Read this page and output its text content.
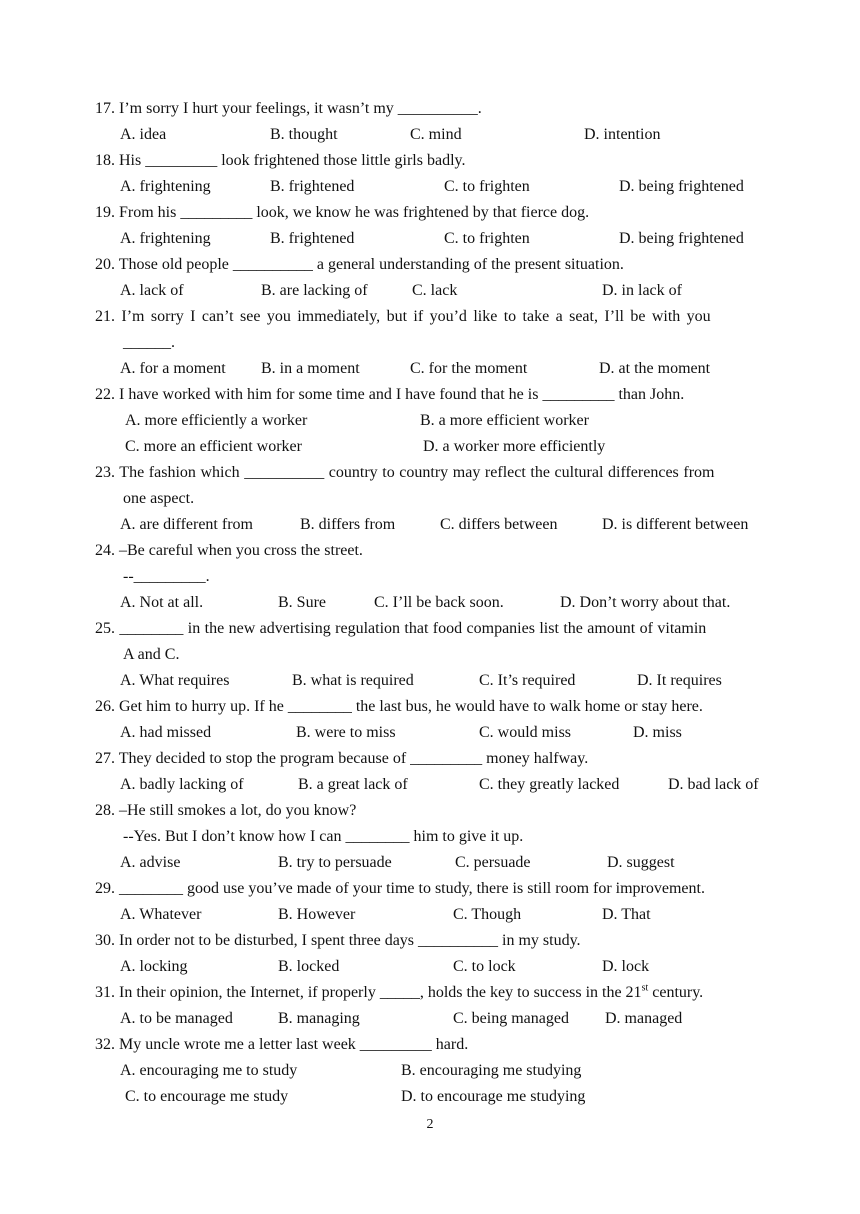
17. I’m sorry I hurt your feelings, it wasn’t my __________.
A. idea	B. thought	C. mind	D. intention
18. His _________ look frightened those little girls badly.
A. frightening	B. frightened	C. to frighten	D. being frightened
19. From his _________ look, we know he was frightened by that fierce dog.
A. frightening	B. frightened	C. to frighten	D. being frightened
20. Those old people __________ a general understanding of the present situation.
A. lack of	B. are lacking of	C. lack	D. in lack of
21. I’m sorry I can’t see you immediately, but if you’d like to take a seat, I’ll be with you
______.
A. for a moment B. in a moment	C. for the moment	D. at the moment
22. I have worked with him for some time and I have found that he is _________ than John.
A. more efficiently a worker	B. a more efficient worker
C. more an efficient worker	D. a worker more efficiently
23. The fashion which __________ country to country may reflect the cultural differences from
one aspect.
A. are different from	B. differs from	C. differs between	D. is different between
24. –Be careful when you cross the street.
--_________.
A. Not at all.	B. Sure	C. I’ll be back soon.	D. Don’t worry about that.
25. ________ in the new advertising regulation that food companies list the amount of vitamin
A and C.
A. What requires	B. what is required	C. It’s required	D. It requires
26. Get him to hurry up. If he ________ the last bus, he would have to walk home or stay here.
A. had missed	B. were to miss	C. would miss	D. miss
27. They decided to stop the program because of _________ money halfway.
A. badly lacking of	B. a great lack of	C. they greatly lacked	D. bad lack of
28. –He still smokes a lot, do you know?
--Yes. But I don’t know how I can ________ him to give it up.
A. advise	B. try to persuade	C. persuade	D. suggest
29. ________ good use you’ve made of your time to study, there is still room for improvement.
A. Whatever	B. However	C. Though	D. That
30. In order not to be disturbed, I spent three days __________ in my study.
A. locking	B. locked	C. to lock	D. lock
31. In their opinion, the Internet, if properly _____, holds the key to success in the 21st century.
A. to be managed	B. managing	C. being managed D. managed
32. My uncle wrote me a letter last week _________ hard.
A. encouraging me to study	B. encouraging me studying
C. to encourage me study	D. to encourage me studying
2
